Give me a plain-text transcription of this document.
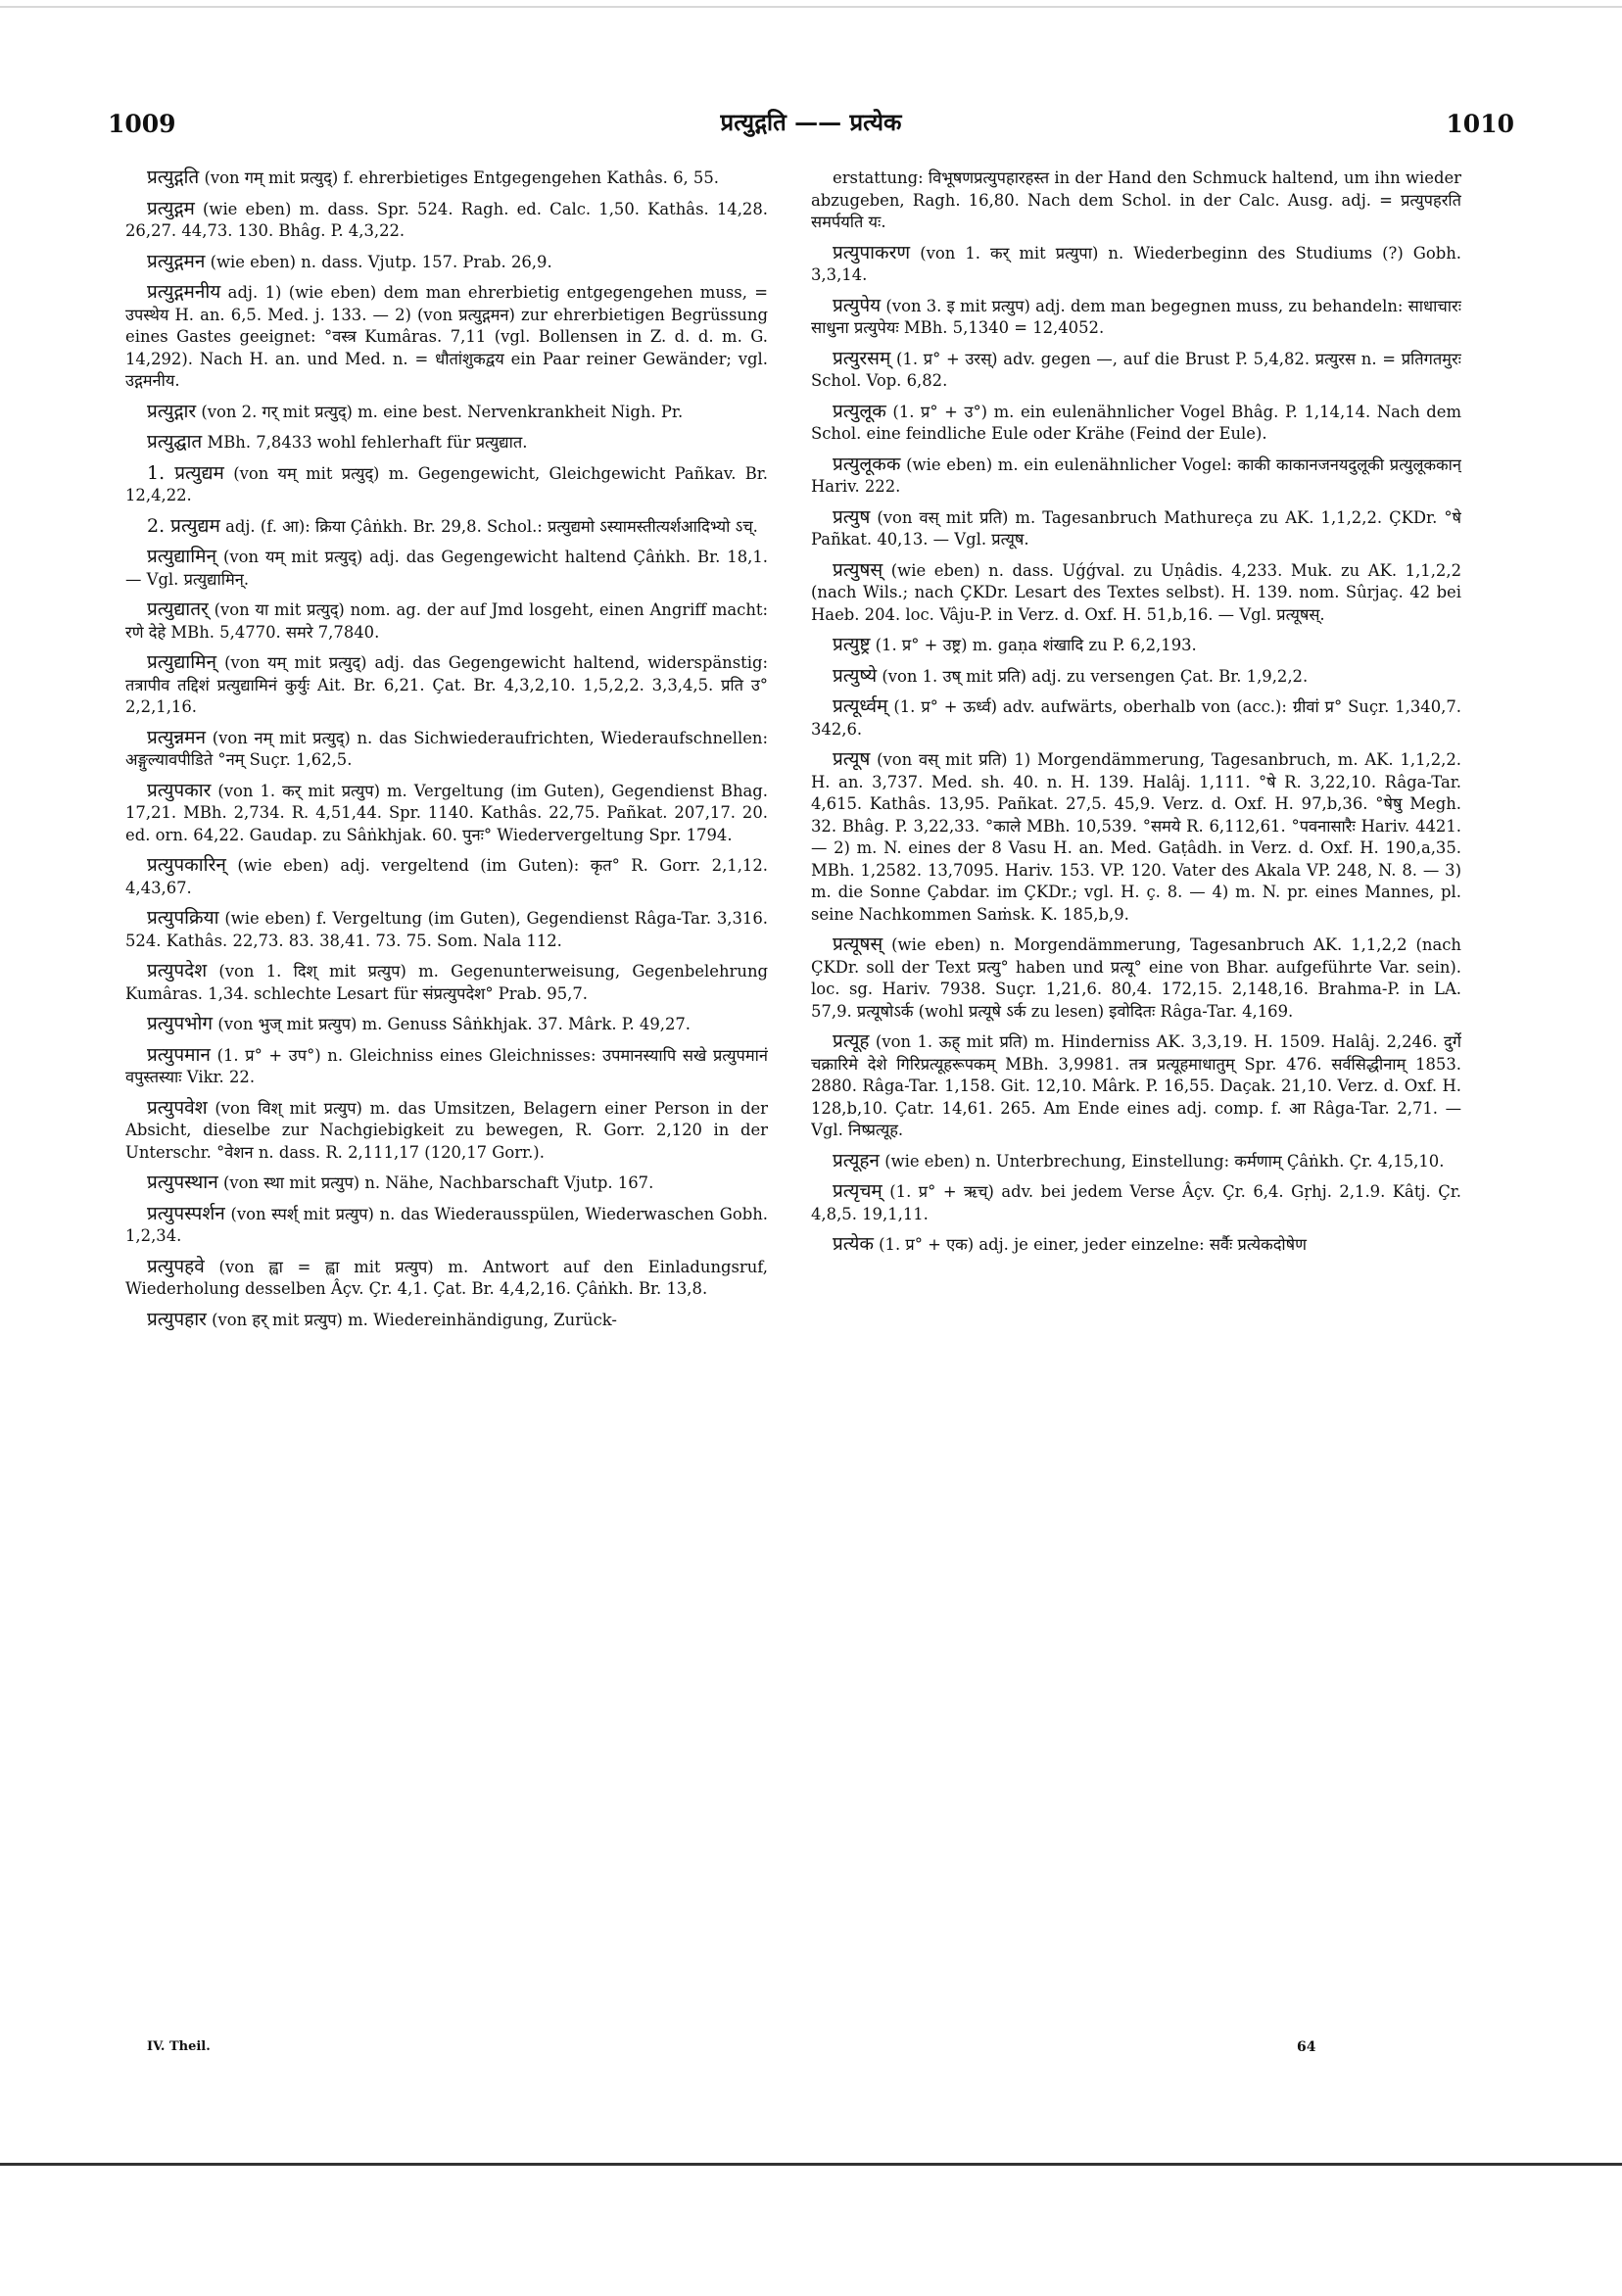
1009	प्रत्युद्गति —— प्रत्येक	1010

प्रत्युद्गति (von गम् mit प्रत्युद्) f. ehrerbietiges Entgegengehen Kathâs. 6, 55.

प्रत्युद्गम (wie eben) m. dass. Spr. 524. Ragh. ed. Calc. 1,50. Kathâs. 14,28. 26,27. 44,73. 130. Bhâg. P. 4,3,22.

प्रत्युद्गमन (wie eben) n. dass. Vjutp. 157. Prab. 26,9.

प्रत्युद्गमनीय adj. 1) (wie eben) dem man ehrerbietig entgegengehen muss, = उपस्थेय H. an. 6,5. Med. j. 133. — 2) (von प्रत्युद्गमन) zur ehrerbietigen Begrüssung eines Gastes geeignet: °वस्त्र Kumâras. 7,11 (vgl. Bollensen in Z. d. d. m. G. 14,292). Nach H. an. und Med. n. = धौतांशुकद्वय ein Paar reiner Gewänder; vgl. उद्गमनीय.

प्रत्युद्गार (von 2. गर् mit प्रत्युद्) m. eine best. Nervenkrankheit Nigh. Pr.

प्रत्युद्घात MBh. 7,8433 wohl fehlerhaft für प्रत्युद्यात.

1. प्रत्युद्यम (von यम् mit प्रत्युद्) m. Gegengewicht, Gleichgewicht Pañkav. Br. 12,4,22.

2. प्रत्युद्यम adj. (f. आ): क्रिया Çâṅkh. Br. 29,8. Schol.: प्रत्युद्यमो ऽस्यामस्तीत्यर्शआदिभ्यो ऽच्.

प्रत्युद्यामिन् (von यम् mit प्रत्युद्) adj. das Gegengewicht haltend Çâṅkh. Br. 18,1. — Vgl. प्रत्युद्यामिन्.

प्रत्युद्यातर् (von या mit प्रत्युद्) nom. ag. der auf Jmd losgeht, einen Angriff macht: रणे देहे MBh. 5,4770. समरे 7,7840.

प्रत्युद्यामिन् (von यम् mit प्रत्युद्) adj. das Gegengewicht haltend, widerspänstig: तत्रापीव तद्दिशं प्रत्युद्यामिनं कुर्युः Ait. Br. 6,21. Çat. Br. 4,3,2,10. 1,5,2,2. 3,3,4,5. प्रति उ° 2,2,1,16.

प्रत्युन्नमन (von नम् mit प्रत्युद्) n. das Sichwiederaufrichten, Wiederaufschnellen: अङ्गुल्यावपीडिते °नम् Suçr. 1,62,5.

प्रत्युपकार (von 1. कर् mit प्रत्युप) m. Vergeltung (im Guten), Gegendienst Bhag. 17,21. MBh. 2,734. R. 4,51,44. Spr. 1140. Kathâs. 22,75. Pañkat. 207,17. 20. ed. orn. 64,22. Gaudap. zu Sâṅkhjak. 60. पुनः° Wiedervergeltung Spr. 1794.

प्रत्युपकारिन् (wie eben) adj. vergeltend (im Guten): कृत° R. Gorr. 2,1,12. 4,43,67.

प्रत्युपक्रिया (wie eben) f. Vergeltung (im Guten), Gegendienst Râga-Tar. 3,316. 524. Kathâs. 22,73. 83. 38,41. 73. 75. Som. Nala 112.

प्रत्युपदेश (von 1. दिश् mit प्रत्युप) m. Gegenunterweisung, Gegenbelehrung Kumâras. 1,34. schlechte Lesart für संप्रत्युपदेश° Prab. 95,7.

प्रत्युपभोग (von भुज् mit प्रत्युप) m. Genuss Sâṅkhjak. 37. Mârk. P. 49,27.

प्रत्युपमान (1. प्र° + उप°) n. Gleichniss eines Gleichnisses: उपमानस्यापि सखे प्रत्युपमानं वपुस्तस्याः Vikr. 22.

प्रत्युपवेश (von विश् mit प्रत्युप) m. das Umsitzen, Belagern einer Person in der Absicht, dieselbe zur Nachgiebigkeit zu bewegen, R. Gorr. 2,120 in der Unterschr. °वेशन n. dass. R. 2,111,17 (120,17 Gorr.).

प्रत्युपस्थान (von स्था mit प्रत्युप) n. Nähe, Nachbarschaft Vjutp. 167.

प्रत्युपस्पर्शन (von स्पर्श् mit प्रत्युप) n. das Wiederausspülen, Wiederwaschen Gobh. 1,2,34.

प्रत्युपहवे (von ह्वा = ह्वा mit प्रत्युप) m. Antwort auf den Einladungsruf, Wiederholung desselben Âçv. Çr. 4,1. Çat. Br. 4,4,2,16. Çâṅkh. Br. 13,8.

प्रत्युपहार (von हर् mit प्रत्युप) m. Wiedereinhändigung, Zurück-

erstattung: विभूषणप्रत्युपहारहस्त in der Hand den Schmuck haltend, um ihn wieder abzugeben, Ragh. 16,80. Nach dem Schol. in der Calc. Ausg. adj. = प्रत्युपहरति समर्पयति यः.

प्रत्युपाकरण (von 1. कर् mit प्रत्युपा) n. Wiederbeginn des Studiums (?) Gobh. 3,3,14.

प्रत्युपेय (von 3. इ mit प्रत्युप) adj. dem man begegnen muss, zu behandeln: साधाचारः साधुना प्रत्युपेयः MBh. 5,1340 = 12,4052.

प्रत्युरसम् (1. प्र° + उरस्) adv. gegen —, auf die Brust P. 5,4,82. प्रत्युरस n. = प्रतिगतमुरः Schol. Vop. 6,82.

प्रत्युलूक (1. प्र° + उ°) m. ein eulenähnlicher Vogel Bhâg. P. 1,14,14. Nach dem Schol. eine feindliche Eule oder Krähe (Feind der Eule).

प्रत्युलूकक (wie eben) m. ein eulenähnlicher Vogel: काकी काकानजनयदुलूकी प्रत्युलूककान् Hariv. 222.

प्रत्युष (von वस् mit प्रति) m. Tagesanbruch Mathureça zu AK. 1,1,2,2. ÇKDr. °षे Pañkat. 40,13. — Vgl. प्रत्यूष.

प्रत्युषस् (wie eben) n. dass. Uǵǵval. zu Uṇâdis. 4,233. Muk. zu AK. 1,1,2,2 (nach Wils.; nach ÇKDr. Lesart des Textes selbst). H. 139. nom. Sûrjaç. 42 bei Haeb. 204. loc. Vâju-P. in Verz. d. Oxf. H. 51,b,16. — Vgl. प्रत्यूषस्.

प्रत्युष्ट्र (1. प्र° + उष्ट्र) m. gaṇa शंखादि zu P. 6,2,193.

प्रत्युष्ये (von 1. उष् mit प्रति) adj. zu versengen Çat. Br. 1,9,2,2.

प्रत्यूर्ध्वम् (1. प्र° + ऊर्ध्व) adv. aufwärts, oberhalb von (acc.): ग्रीवां प्र° Suçr. 1,340,7. 342,6.

प्रत्यूष (von वस् mit प्रति) 1) Morgendämmerung, Tagesanbruch, m. AK. 1,1,2,2. H. an. 3,737. Med. sh. 40. n. H. 139. Halâj. 1,111. °षे R. 3,22,10. Râga-Tar. 4,615. Kathâs. 13,95. Pañkat. 27,5. 45,9. Verz. d. Oxf. H. 97,b,36. °षेषु Megh. 32. Bhâg. P. 3,22,33. °काले MBh. 10,539. °समये R. 6,112,61. °पवनासारैः Hariv. 4421. — 2) m. N. eines der 8 Vasu H. an. Med. Gaṭâdh. in Verz. d. Oxf. H. 190,a,35. MBh. 1,2582. 13,7095. Hariv. 153. VP. 120. Vater des Akala VP. 248, N. 8. — 3) m. die Sonne Çabdar. im ÇKDr.; vgl. H. ç. 8. — 4) m. N. pr. eines Mannes, pl. seine Nachkommen Saṁsk. K. 185,b,9.

प्रत्यूषस् (wie eben) n. Morgendämmerung, Tagesanbruch AK. 1,1,2,2 (nach ÇKDr. soll der Text प्रत्यु° haben und प्रत्यू° eine von Bhar. aufgeführte Var. sein). loc. sg. Hariv. 7938. Suçr. 1,21,6. 80,4. 172,15. 2,148,16. Brahma-P. in LA. 57,9. प्रत्यूषोऽर्क (wohl प्रत्यूषे ऽर्क zu lesen) इवोदितः Râga-Tar. 4,169.

प्रत्यूह (von 1. ऊह् mit प्रति) m. Hinderniss AK. 3,3,19. H. 1509. Halâj. 2,246. दुर्गे चक्रारिमे देशे गिरिप्रत्यूहरूपकम् MBh. 3,9981. तत्र प्रत्यूहमाधातुम् Spr. 476. सर्वसिद्धीनाम् 1853. 2880. Râga-Tar. 1,158. Git. 12,10. Mârk. P. 16,55. Daçak. 21,10. Verz. d. Oxf. H. 128,b,10. Çatr. 14,61. 265. Am Ende eines adj. comp. f. आ Râga-Tar. 2,71. — Vgl. निष्प्रत्यूह.

प्रत्यूहन (wie eben) n. Unterbrechung, Einstellung: कर्मणाम् Çâṅkh. Çr. 4,15,10.

प्रत्यृचम् (1. प्र° + ऋच्) adv. bei jedem Verse Âçv. Çr. 6,4. Gṛhj. 2,1.9. Kâtj. Çr. 4,8,5. 19,1,11.

प्रत्येक (1. प्र° + एक) adj. je einer, jeder einzelne: सर्वैः प्रत्येकदोषेण

IV. Theil.	64
